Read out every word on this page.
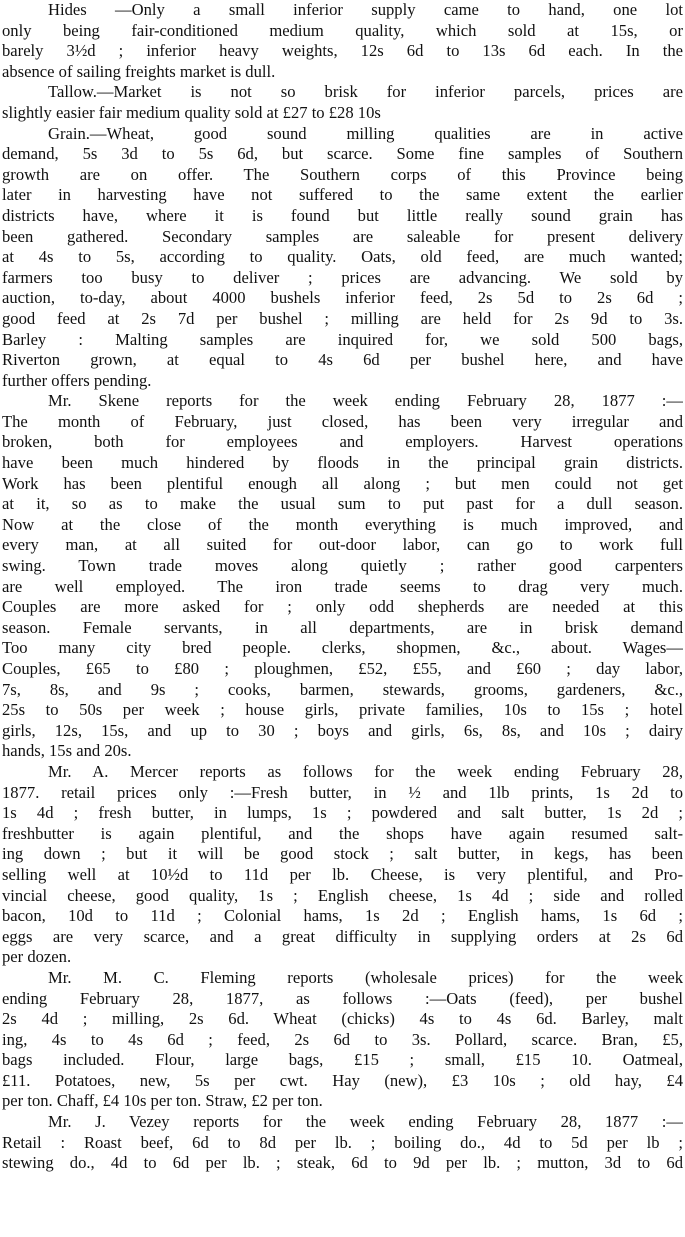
Hides —Only a small inferior supply came to hand, one lot
only being fair-conditioned medium quality, which sold at 15s, or
barely 3½d ; inferior heavy weights, 12s 6d to 13s 6d each. In the
absence of sailing freights market is dull.

Tallow.—Market is not so brisk for inferior parcels, prices are
slightly easier fair medium quality sold at £27 to £28 10s

Grain.—Wheat, good sound milling qualities are in active
demand, 5s 3d to 5s 6d, but scarce. Some fine samples of Southern
growth are on offer. The Southern corps of this Province being
later in harvesting have not suffered to the same extent the earlier
districts have, where it is found but little really sound grain has
been gathered. Secondary samples are saleable for present delivery
at 4s to 5s, according to quality. Oats, old feed, are much wanted;
farmers too busy to deliver ; prices are advancing. We sold by
auction, to-day, about 4000 bushels inferior feed, 2s 5d to 2s 6d ;
good feed at 2s 7d per bushel ; milling are held for 2s 9d to 3s.
Barley : Malting samples are inquired for, we sold 500 bags,
Riverton grown, at equal to 4s 6d per bushel here, and have
further offers pending.

Mr. Skene reports for the week ending February 28, 1877 :—
The month of February, just closed, has been very irregular and
broken, both for employees and employers. Harvest operations
have been much hindered by floods in the principal grain districts.
Work has been plentiful enough all along ; but men could not get
at it, so as to make the usual sum to put past for a dull season.
Now at the close of the month everything is much improved, and
every man, at all suited for out-door labor, can go to work full
swing. Town trade moves along quietly ; rather good carpenters
are well employed. The iron trade seems to drag very much.
Couples are more asked for ; only odd shepherds are needed at this
season. Female servants, in all departments, are in brisk demand
Too many city bred people. clerks, shopmen, &c., about. Wages—
Couples, £65 to £80 ; ploughmen, £52, £55, and £60 ; day labor,
7s, 8s, and 9s ; cooks, barmen, stewards, grooms, gardeners, &c.,
25s to 50s per week ; house girls, private families, 10s to 15s ; hotel
girls, 12s, 15s, and up to 30 ; boys and girls, 6s, 8s, and 10s ; dairy
hands, 15s and 20s.

Mr. A. Mercer reports as follows for the week ending February 28,
1877. retail prices only :—Fresh butter, in ½ and 1lb prints, 1s 2d to
1s 4d ; fresh butter, in lumps, 1s ; powdered and salt butter, 1s 2d ;
freshbutter is again plentiful, and the shops have again resumed salt-
ing down ; but it will be good stock ; salt butter, in kegs, has been
selling well at 10½d to 11d per lb. Cheese, is very plentiful, and Pro-
vincial cheese, good quality, 1s ; English cheese, 1s 4d ; side and rolled
bacon, 10d to 11d ; Colonial hams, 1s 2d ; English hams, 1s 6d ;
eggs are very scarce, and a great difficulty in supplying orders at 2s 6d
per dozen.

Mr. M. C. Fleming reports (wholesale prices) for the week
ending February 28, 1877, as follows :—Oats (feed), per bushel
2s 4d ; milling, 2s 6d. Wheat (chicks) 4s to 4s 6d. Barley, malt
ing, 4s to 4s 6d ; feed, 2s 6d to 3s. Pollard, scarce. Bran, £5,
bags included. Flour, large bags, £15 ; small, £15 10. Oatmeal,
£11. Potatoes, new, 5s per cwt. Hay (new), £3 10s ; old hay, £4
per ton. Chaff, £4 10s per ton. Straw, £2 per ton.

Mr. J. Vezey reports for the week ending February 28, 1877 :—
Retail : Roast beef, 6d to 8d per lb. ; boiling do., 4d to 5d per lb ;
stewing do., 4d to 6d per lb. ; steak, 6d to 9d per lb. ; mutton, 3d to 6d
